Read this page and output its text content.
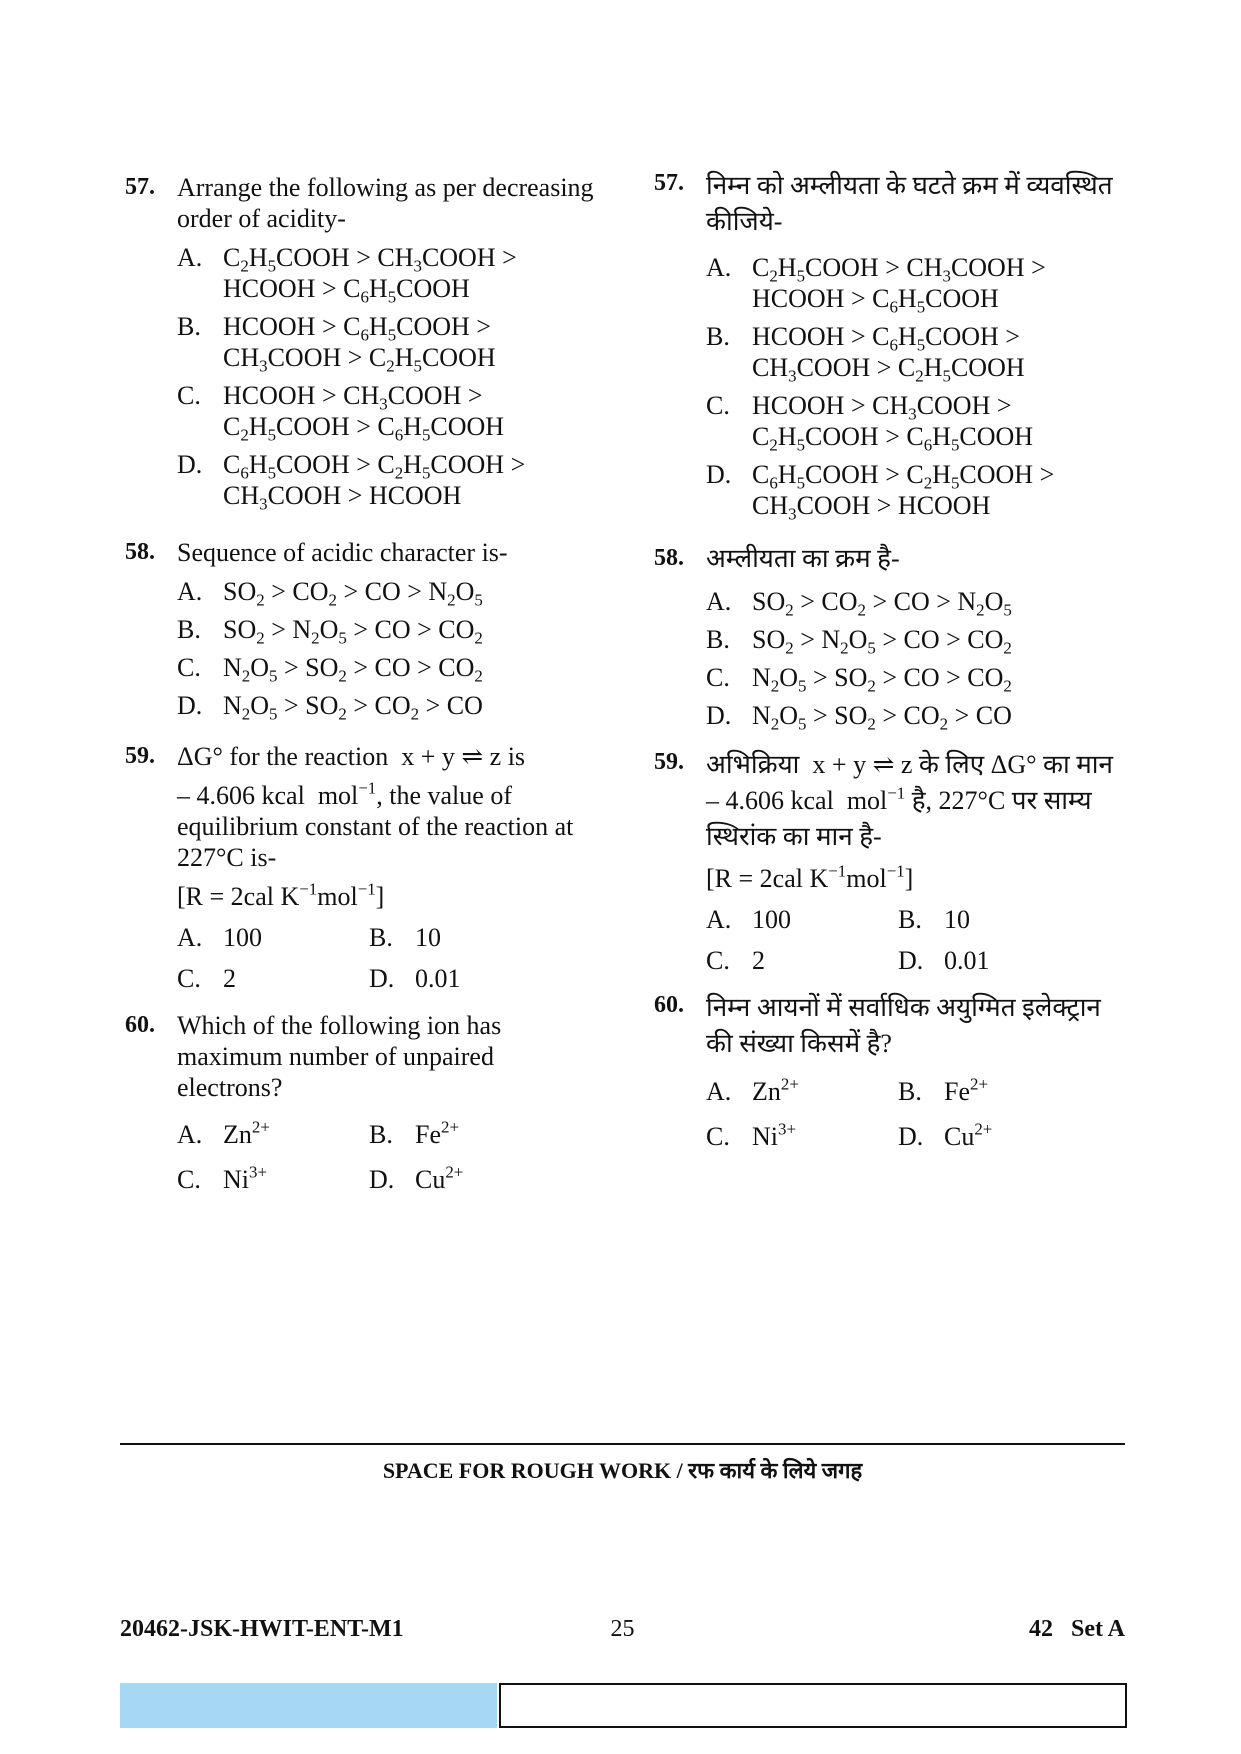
57. Arrange the following as per decreasing order of acidity-

A. $C_2H_5COOH$ > $CH_3COOH$ >
HCOOH > $C_6H_5COOH$
B. HCOOH > $C_6H_5COOH$ >
$CH_3COOH$ > $C_2H_5COOH$
C. HCOOH > $CH_3COOH$ >
$C_2H_5COOH$ > $C_6H_5COOH$
D. $C_6H_5COOH$ > $C_2H_5COOH$ >
$CH_3COOH$ > HCOOH
58. Sequence of acidic character is-

A. $SO_2 > CO_2$ > CO > $N_2O_5$
B. $SO_2 > N_2O_5$ > CO > $CO_2$
C. $N_2O_5 > SO_2$ > CO > $CO_2$
D. $N_2O_5 > SO_2 > CO_2$ > CO
59. ΔG° for the reaction x + y ⇌ z is

– 4.606 kcal mol$^{-1}$, the value of equilibrium constant of the reaction at 227°C is-

[R = 2cal $K^{-1}mol^{-1}$]

A. 100	B. 10
C. 2	D. 0.01
60. Which of the following ion has maximum number of unpaired electrons?

A. $Zn^{2+}$	B. $Fe^{2+}$
C. $Ni^{3+}$	D. $Cu^{2+}$
57. निम्न को अम्लीयता के घटते क्रम में व्यवस्थित कीजिये-

A. $C_2H_5COOH$ > $CH_3COOH$ >
HCOOH > $C_6H_5COOH$
B. HCOOH > $C_6H_5COOH$ >
$CH_3COOH$ > $C_2H_5COOH$
C. HCOOH > $CH_3COOH$ >
$C_2H_5COOH$ > $C_6H_5COOH$
D. $C_6H_5COOH$ > $C_2H_5COOH$ >
$CH_3COOH$ > HCOOH
58. अम्लीयता का क्रम है-

A. $SO_2 > CO_2$ > CO > $N_2O_5$
B. $SO_2 > N_2O_5$ > CO > $CO_2$
C. $N_2O_5 > SO_2$ > CO > $CO_2$
D. $N_2O_5 > SO_2 > CO_2$ > CO
59. अभिक्रिया x + y ⇌ z के लिए ΔG° का मान
– 4.606 kcal mol$^{-1}$ है, 227°C पर साम्य स्थिरांक का मान है-

[R = 2cal $K^{-1}mol^{-1}$]

A. 100	B. 10
C. 2	D. 0.01
60. निम्न आयनों में सर्वाधिक अयुग्मित इलेक्ट्रान की संख्या किसमें है?

A. $Zn^{2+}$	B. $Fe^{2+}$
C. $Ni^{3+}$	D. $Cu^{2+}$
SPACE FOR ROUGH WORK / रफ कार्य के लिये जगह
20462-JSK-HWIT-ENT-M1	25	42   Set A
